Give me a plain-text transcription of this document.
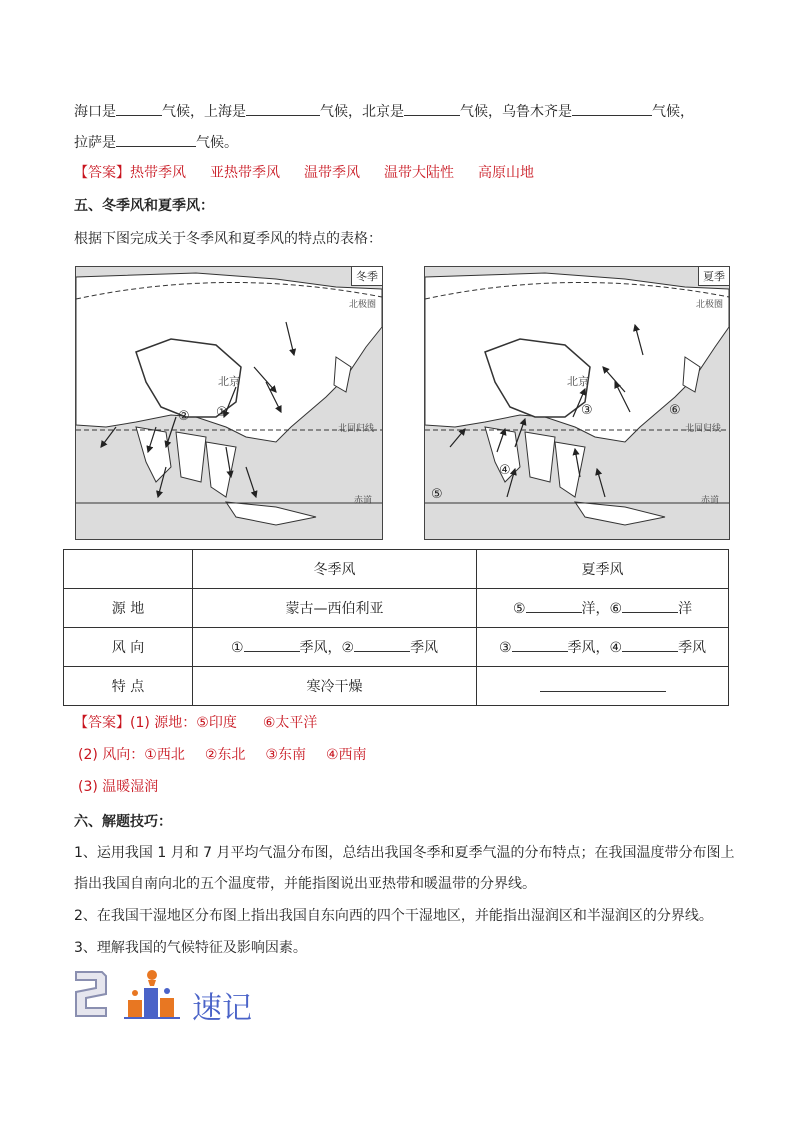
海口是	气候，上海是	气候，北京是	气候，乌鲁木齐是	气候，
拉萨是	气候。
【答案】热带季风 亚热带季风 温带季风 温带大陆性 高原山地
五、冬季风和夏季风：
根据下图完成关于冬季风和夏季风的特点的表格：
冬季
北极圈
北回归线
赤道
北京
①
②
夏季
北极圈
北回归线
赤道
北京
③
④
⑤
⑥
	冬季风	夏季风
源 地	蒙古—西伯利亚	⑤ 洋，⑥ 洋
风 向	① 季风，② 季风	③ 季风，④ 季风
特 点	寒冷干燥	
【答案】(1) 源地：⑤印度 ⑥太平洋
(2) 风向：①西北 ②东北 ③东南 ④西南
(3) 温暖湿润
六、解题技巧：
1、运用我国 1 月和 7 月平均气温分布图，总结出我国冬季和夏季气温的分布特点；在我国温度带分布图上
指出我国自南向北的五个温度带，并能指图说出亚热带和暖温带的分界线。
2、在我国干湿地区分布图上指出我国自东向西的四个干湿地区，并能指出湿润区和半湿润区的分界线。
3、理解我国的气候特征及影响因素。
速记
